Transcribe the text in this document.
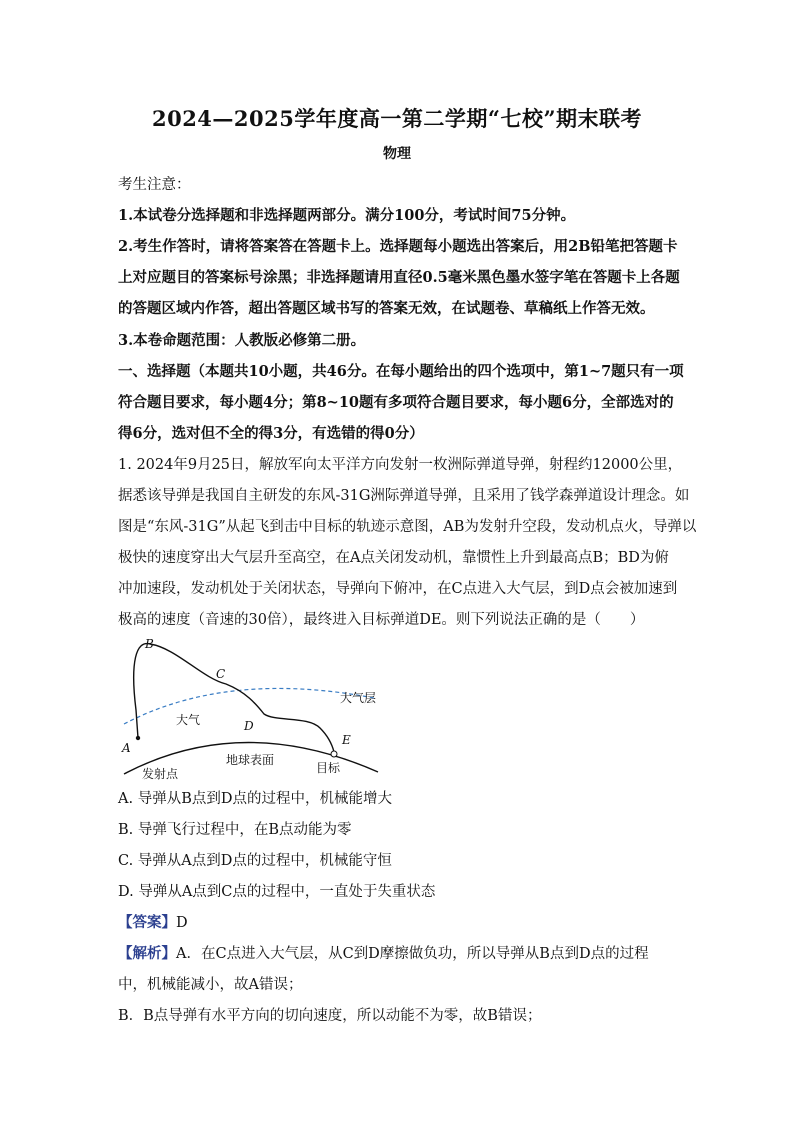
2024—2025学年度高一第二学期“七校”期末联考
物理
考生注意：
1.本试卷分选择题和非选择题两部分。满分100分，考试时间75分钟。
2.考生作答时，请将答案答在答题卡上。选择题每小题选出答案后，用2B铅笔把答题卡
上对应题目的答案标号涂黑；非选择题请用直径0.5毫米黑色墨水签字笔在答题卡上各题
的答题区域内作答，超出答题区域书写的答案无效，在试题卷、草稿纸上作答无效。
3.本卷命题范围：人教版必修第二册。
一、选择题（本题共10小题，共46分。在每小题给出的四个选项中，第1~7题只有一项
符合题目要求，每小题4分；第8~10题有多项符合题目要求，每小题6分，全部选对的
得6分，选对但不全的得3分，有选错的得0分）
1. 2024年9月25日，解放军向太平洋方向发射一枚洲际弹道导弹，射程约12000公里，
据悉该导弹是我国自主研发的东风-31G洲际弹道导弹，且采用了钱学森弹道设计理念。如
图是“东风-31G”从起飞到击中目标的轨迹示意图，AB为发射升空段，发动机点火，导弹以
极快的速度穿出大气层升至高空，在A点关闭发动机，靠惯性上升到最高点B；BD为俯
冲加速段，发动机处于关闭状态，导弹向下俯冲，在C点进入大气层，到D点会被加速到
极高的速度（音速的30倍），最终进入目标弹道DE。则下列说法正确的是（　　）
B
C
A
D
E
大气层
大气
地球表面
发射点	目标
A. 导弹从B点到D点的过程中，机械能增大
B. 导弹飞行过程中，在B点动能为零
C. 导弹从A点到D点的过程中，机械能守恒
D. 导弹从A点到C点的过程中，一直处于失重状态
【答案】D
【解析】A．在C点进入大气层，从C到D摩擦做负功，所以导弹从B点到D点的过程
中，机械能减小，故A错误；
B．B点导弹有水平方向的切向速度，所以动能不为零，故B错误；
